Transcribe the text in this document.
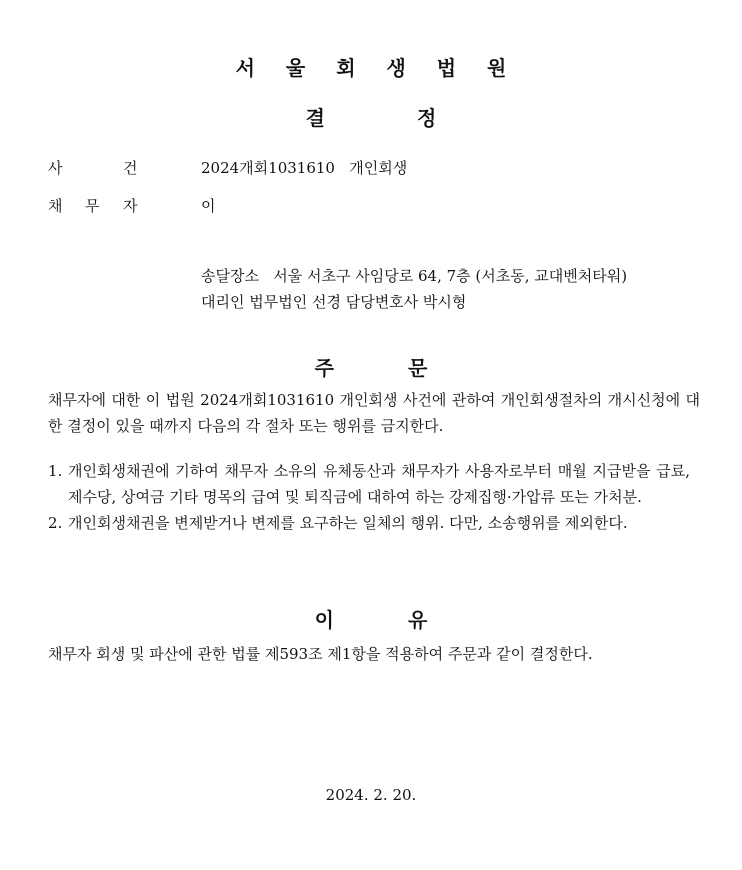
서 울 회 생 법 원
결	정
사	건	2024개회1031610   개인회생
채 무 자	이
송달장소   서울 서초구 사임당로 64, 7층 (서초동, 교대벤처타워)
대리인 법무법인 선경 담당변호사 박시형
주	문
채무자에 대한 이 법원 2024개회1031610 개인회생 사건에 관하여 개인회생절차의 개시신청에 대한 결정이 있을 때까지 다음의 각 절차 또는 행위를 금지한다.
1. 개인회생채권에 기하여 채무자 소유의 유체동산과 채무자가 사용자로부터 매월 지급받을 급료, 제수당, 상여금 기타 명목의 급여 및 퇴직금에 대하여 하는 강제집행·가압류 또는 가처분.
2. 개인회생채권을 변제받거나 변제를 요구하는 일체의 행위. 다만, 소송행위를 제외한다.
이	유
채무자 회생 및 파산에 관한 법률 제593조 제1항을 적용하여 주문과 같이 결정한다.
2024. 2. 20.
